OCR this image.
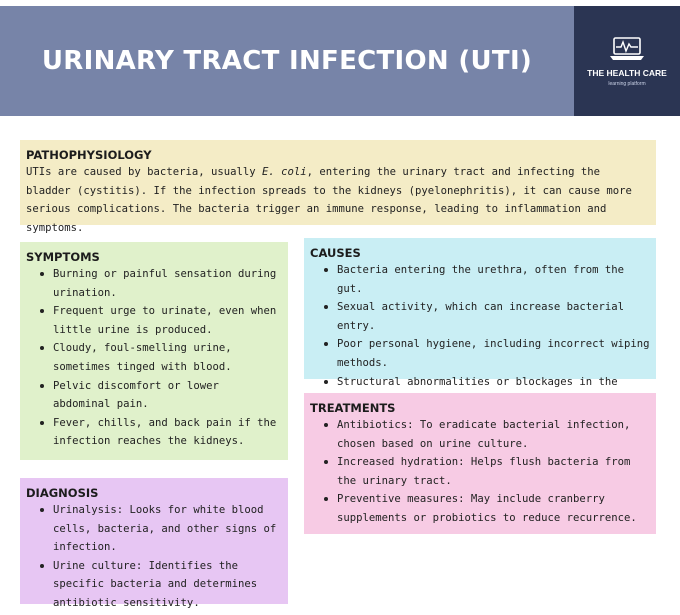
URINARY TRACT INFECTION (UTI)	THE HEALTH CARE
learning platform
PATHOPHYSIOLOGY

UTIs are caused by bacteria, usually E. coli, entering the urinary tract and infecting the bladder (cystitis). If the infection spreads to the kidneys (pyelonephritis), it can cause more serious complications. The bacteria trigger an immune response, leading to inflammation and symptoms.

SYMPTOMS
Burning or painful sensation during urination.
Frequent urge to urinate, even when little urine is produced.
Cloudy, foul-smelling urine, sometimes tinged with blood.
Pelvic discomfort or lower abdominal pain.
Fever, chills, and back pain if the infection reaches the kidneys.
CAUSES
Bacteria entering the urethra, often from the gut.
Sexual activity, which can increase bacterial entry.
Poor personal hygiene, including incorrect wiping methods.
Structural abnormalities or blockages in the
TREATMENTS
Antibiotics: To eradicate bacterial infection, chosen based on urine culture.
Increased hydration: Helps flush bacteria from the urinary tract.
Preventive measures: May include cranberry supplements or probiotics to reduce recurrence.
DIAGNOSIS
Urinalysis: Looks for white blood cells, bacteria, and other signs of infection.
Urine culture: Identifies the specific bacteria and determines antibiotic sensitivity.
